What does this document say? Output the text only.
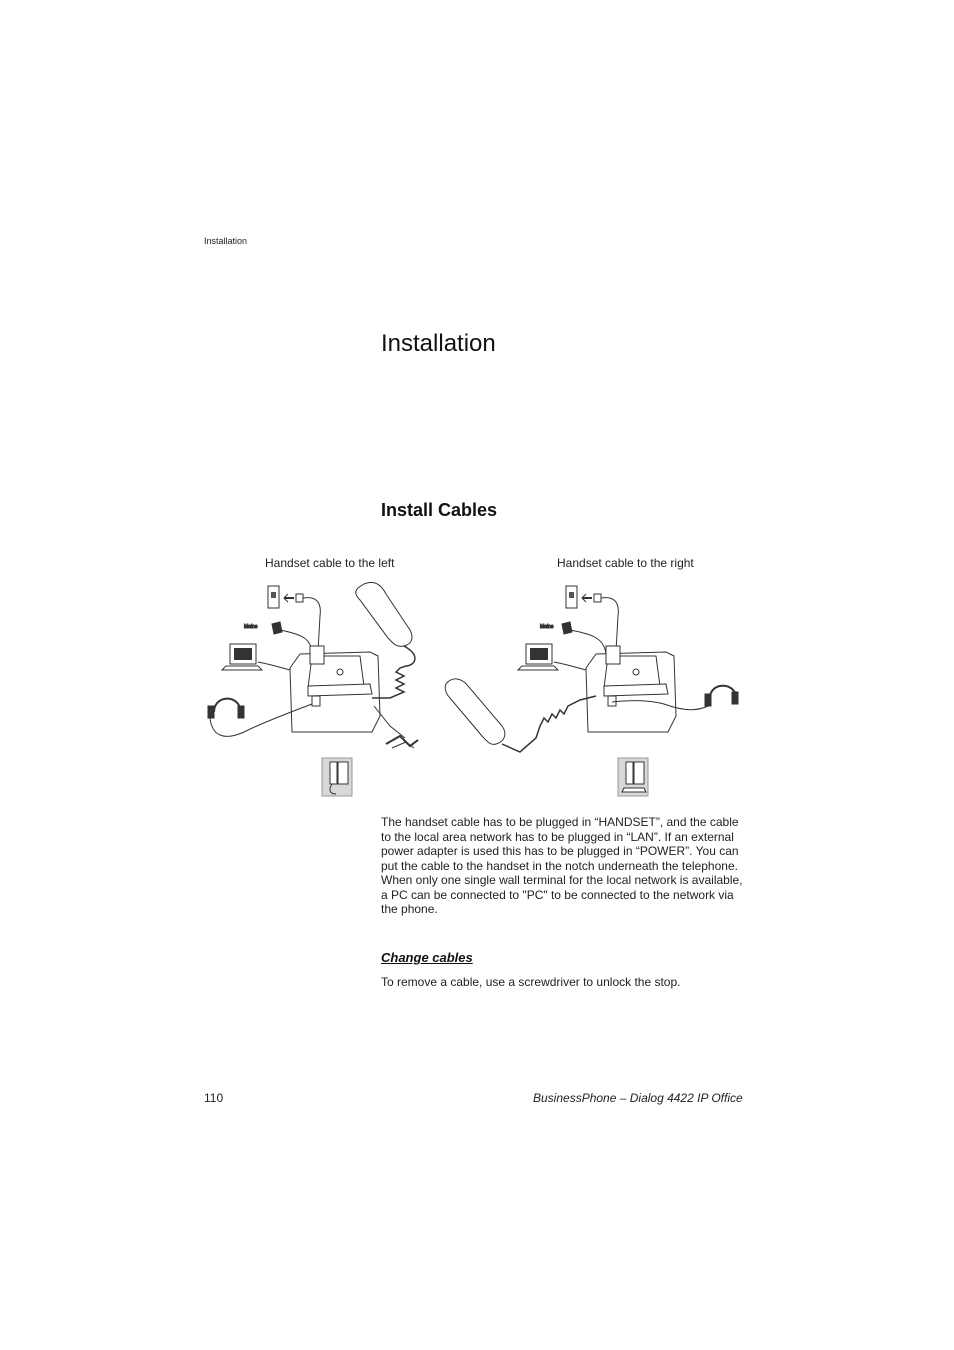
Installation
Installation
Install Cables
Handset cable to the left	Handset cable to the right
Mains	Mains
The handset cable has to be plugged in “HANDSET”, and the cable to the local area network has to be plugged in “LAN”. If an external power adapter is used this has to be plugged in “POWER”. You can put the cable to the handset in the notch underneath the telephone. When only one single wall terminal for the local network is available, a PC can be connected to "PC" to be connected to the network via the phone.
Change cables
To remove a cable, use a screwdriver to unlock the stop.
110	BusinessPhone – Dialog 4422 IP Office
